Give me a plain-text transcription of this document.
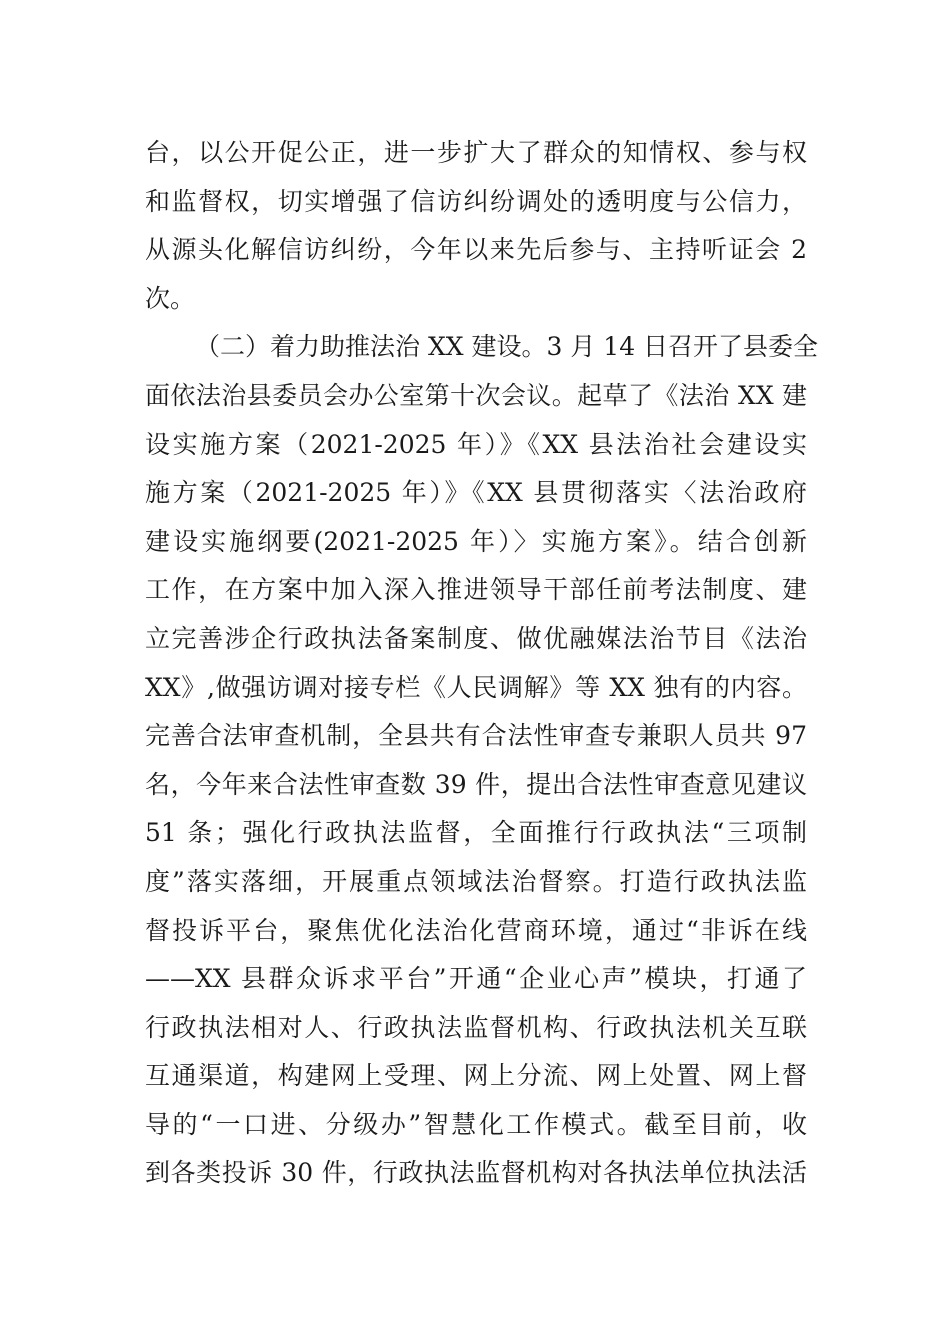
台，以公开促公正，进一步扩大了群众的知情权、参与权
和监督权，切实增强了信访纠纷调处的透明度与公信力，
从源头化解信访纠纷，今年以来先后参与、主持听证会 2
次。
（二）着力助推法治 XX 建设。3 月 14 日召开了县委全
面依法治县委员会办公室第十次会议。起草了《法治 XX 建
设实施方案（2021-2025 年）》《XX 县法治社会建设实
施方案（2021-2025 年）》《XX 县贯彻落实〈法治政府
建设实施纲要(2021-2025 年）〉实施方案》。结合创新
工作，在方案中加入深入推进领导干部任前考法制度、建
立完善涉企行政执法备案制度、做优融媒法治节目《法治
XX》,做强访调对接专栏《人民调解》等 XX 独有的内容。
完善合法审查机制，全县共有合法性审查专兼职人员共 97
名，今年来合法性审查数 39 件，提出合法性审查意见建议
51 条；强化行政执法监督，全面推行行政执法“三项制
度”落实落细，开展重点领域法治督察。打造行政执法监
督投诉平台，聚焦优化法治化营商环境，通过“非诉在线
——XX 县群众诉求平台”开通“企业心声”模块，打通了
行政执法相对人、行政执法监督机构、行政执法机关互联
互通渠道，构建网上受理、网上分流、网上处置、网上督
导的“一口进、分级办”智慧化工作模式。截至目前，收
到各类投诉 30 件，行政执法监督机构对各执法单位执法活
